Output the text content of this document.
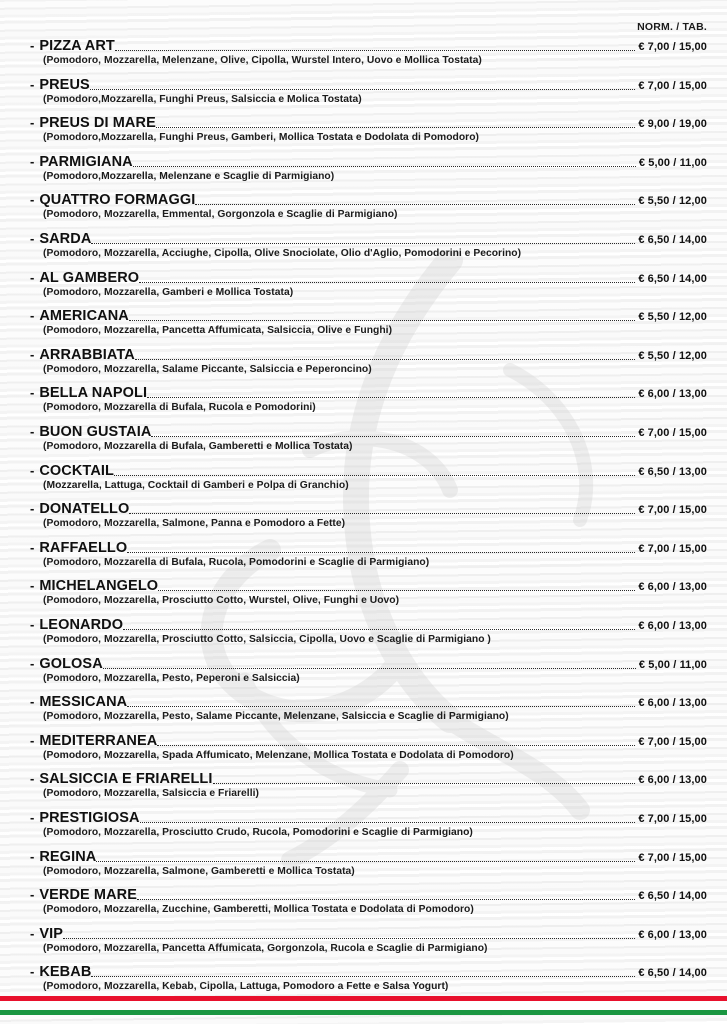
NORM. / TAB.
- PIZZA ART	€ 7,00 / 15,00
(Pomodoro, Mozzarella, Melenzane, Olive, Cipolla, Wurstel Intero, Uovo e Mollica Tostata)
- PREUS	€ 7,00 / 15,00
(Pomodoro,Mozzarella, Funghi Preus, Salsiccia e Molica Tostata)
- PREUS DI MARE	€ 9,00 / 19,00
(Pomodoro,Mozzarella, Funghi Preus, Gamberi, Mollica Tostata e Dodolata di Pomodoro)
- PARMIGIANA	€ 5,00 / 11,00
(Pomodoro,Mozzarella, Melenzane e Scaglie di Parmigiano)
- QUATTRO FORMAGGI	€ 5,50 / 12,00
(Pomodoro, Mozzarella, Emmental, Gorgonzola e Scaglie di Parmigiano)
- SARDA	€ 6,50 / 14,00
(Pomodoro, Mozzarella, Acciughe, Cipolla, Olive Snociolate, Olio d'Aglio, Pomodorini e Pecorino)
- AL GAMBERO	€ 6,50 / 14,00
(Pomodoro, Mozzarella, Gamberi e Mollica Tostata)
- AMERICANA	€ 5,50 / 12,00
(Pomodoro, Mozzarella, Pancetta Affumicata, Salsiccia, Olive e Funghi)
- ARRABBIATA	€ 5,50 / 12,00
(Pomodoro, Mozzarella, Salame Piccante, Salsiccia e Peperoncino)
- BELLA NAPOLI	€ 6,00 / 13,00
(Pomodoro, Mozzarella di Bufala, Rucola e Pomodorini)
- BUON GUSTAIA	€ 7,00 / 15,00
(Pomodoro, Mozzarella di Bufala, Gamberetti e Mollica Tostata)
- COCKTAIL	€ 6,50 / 13,00
(Mozzarella, Lattuga, Cocktail di Gamberi e Polpa di Granchio)
- DONATELLO	€ 7,00 / 15,00
(Pomodoro, Mozzarella, Salmone, Panna e Pomodoro a Fette)
- RAFFAELLO	€ 7,00 / 15,00
(Pomodoro, Mozzarella di Bufala, Rucola, Pomodorini e Scaglie di Parmigiano)
- MICHELANGELO	€ 6,00 / 13,00
(Pomodoro, Mozzarella, Prosciutto Cotto, Wurstel, Olive, Funghi e Uovo)
- LEONARDO	€ 6,00 / 13,00
(Pomodoro, Mozzarella, Prosciutto Cotto, Salsiccia, Cipolla, Uovo e Scaglie di Parmigiano )
- GOLOSA	€ 5,00 / 11,00
(Pomodoro, Mozzarella, Pesto, Peperoni e Salsiccia)
- MESSICANA	€ 6,00 / 13,00
(Pomodoro, Mozzarella, Pesto, Salame Piccante, Melenzane, Salsiccia e Scaglie di Parmigiano)
- MEDITERRANEA	€ 7,00 / 15,00
(Pomodoro, Mozzarella, Spada Affumicato, Melenzane, Mollica Tostata e Dodolata di Pomodoro)
- SALSICCIA E FRIARELLI	€ 6,00 / 13,00
(Pomodoro, Mozzarella, Salsiccia e Friarelli)
- PRESTIGIOSA	€ 7,00 / 15,00
(Pomodoro, Mozzarella, Prosciutto Crudo, Rucola, Pomodorini e Scaglie di Parmigiano)
- REGINA	€ 7,00 / 15,00
(Pomodoro, Mozzarella, Salmone, Gamberetti e Mollica Tostata)
- VERDE MARE	€ 6,50 / 14,00
(Pomodoro, Mozzarella, Zucchine, Gamberetti, Mollica Tostata e Dodolata di Pomodoro)
- VIP	€ 6,00 / 13,00
(Pomodoro, Mozzarella, Pancetta Affumicata, Gorgonzola, Rucola e Scaglie di Parmigiano)
- KEBAB	€ 6,50 / 14,00
(Pomodoro, Mozzarella, Kebab, Cipolla, Lattuga, Pomodoro a Fette e Salsa Yogurt)
